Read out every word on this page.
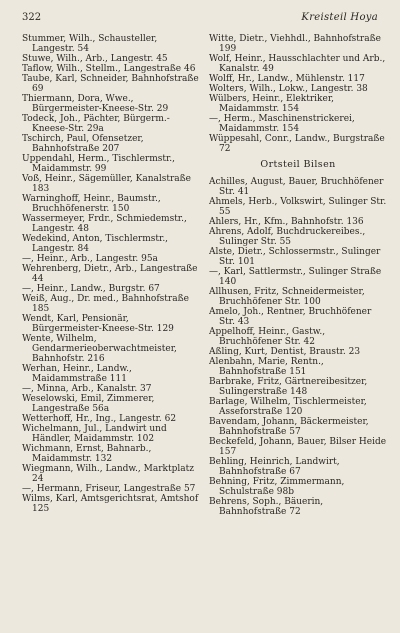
322	Kreisteil Hoya

Stummer, Wilh., Schausteller, Langestr. 54

Stuwe, Wilh., Arb., Langestr. 45

Taflow, Wilh., Stellm., Langestraße 46

Taube, Karl, Schneider, Bahnhofstraße 69

Thiermann, Dora, Wwe., Bürgermeister-Kneese-Str. 29

Todeck, Joh., Pächter, Bürgerm.-Kneese-Str. 29a

Tschirch, Paul, Ofensetzer, Bahnhofstraße 207

Uppendahl, Herm., Tischlermstr., Maidammstr. 99

Voß, Heinr., Sägemüller, Kanalstraße 183

Warninghoff, Heinr., Baumstr., Bruchhöfenerstr. 150

Wassermeyer, Frdr., Schmiedemstr., Langestr. 48

Wedekind, Anton, Tischlermstr., Langestr. 84

—, Heinr., Arb., Langestr. 95a

Wehrenberg, Dietr., Arb., Langestraße 44

—, Heinr., Landw., Burgstr. 67

Weiß, Aug., Dr. med., Bahnhofstraße 185

Wendt, Karl, Pensionär, Bürgermeister-Kneese-Str. 129

Wente, Wilhelm, Gendarmerieoberwachtmeister, Bahnhofstr. 216

Werhan, Heinr., Landw., Maidammstraße 111

—, Minna, Arb., Kanalstr. 37

Weselowski, Emil, Zimmerer, Langestraße 56a

Wetterhoff, Hr., Ing., Langestr. 62

Wichelmann, Jul., Landwirt und Händler, Maidammstr. 102

Wichmann, Ernst, Bahnarb., Maidammstr. 132

Wiegmann, Wilh., Landw., Marktplatz 24

—, Hermann, Friseur, Langestraße 57

Wilms, Karl, Amtsgerichtsrat, Amtshof 125

Witte, Dietr., Viehhdl., Bahnhofstraße 199

Wolf, Heinr., Hausschlachter und Arb., Kanalstr. 49

Wolff, Hr., Landw., Mühlenstr. 117

Wolters, Wilh., Lokw., Langestr. 38

Wülbers, Heinr., Elektriker, Maidammstr. 154

—, Herm., Maschinenstrickerei, Maidammstr. 154

Wüppesahl, Conr., Landw., Burgstraße 72

Ortsteil Bilsen

Achilles, August, Bauer, Bruchhöfener Str. 41

Ahmels, Herb., Volkswirt, Sulinger Str. 55

Ahlers, Hr., Kfm., Bahnhofstr. 136

Ahrens, Adolf, Buchdruckereibes., Sulinger Str. 55

Alste, Dietr., Schlossermstr., Sulinger Str. 101

—, Karl, Sattlermstr., Sulinger Straße 140

Allhusen, Fritz, Schneidermeister, Bruchhöfener Str. 100

Amelo, Joh., Rentner, Bruchhöfener Str. 43

Appelhoff, Heinr., Gastw., Bruchhöfener Str. 42

Aßling, Kurt, Dentist, Braustr. 23

Alenbahn, Marie, Rentn., Bahnhofstraße 151

Barbrake, Fritz, Gärtnereibesitzer, Sulingerstraße 148

Barlage, Wilhelm, Tischlermeister, Asseforstraße 120

Bavendam, Johann, Bäckermeister, Bahnhofstraße 57

Beckefeld, Johann, Bauer, Bilser Heide 157

Behling, Heinrich, Landwirt, Bahnhofstraße 67

Behning, Fritz, Zimmermann, Schulstraße 98b

Behrens, Soph., Bäuerin, Bahnhofstraße 72
